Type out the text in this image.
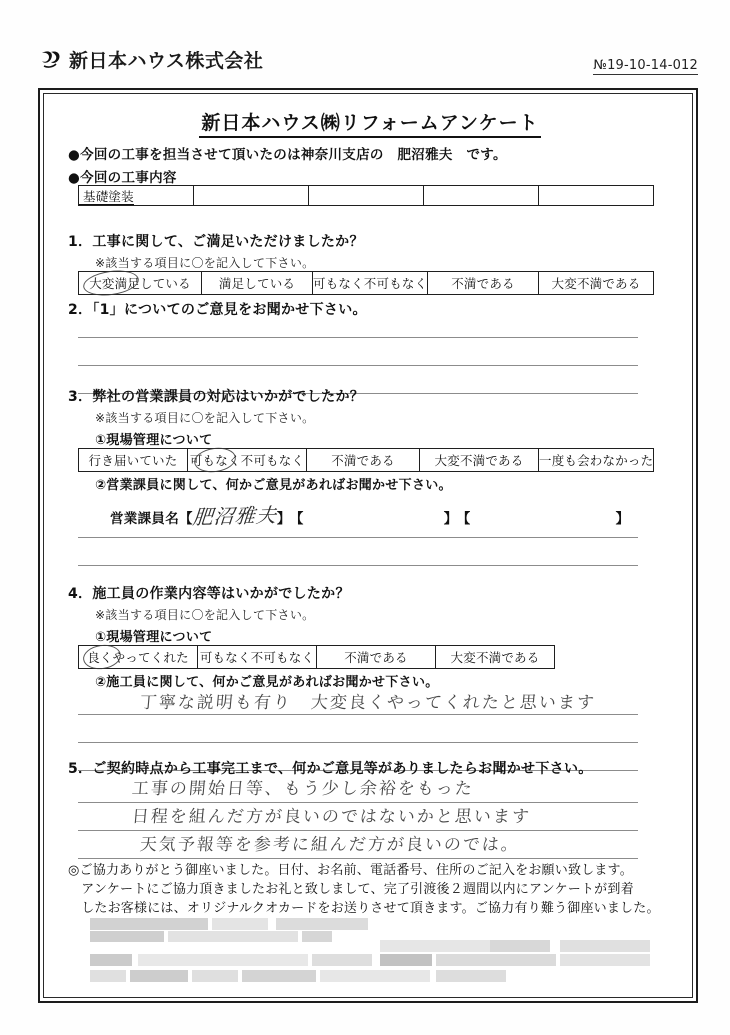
新日本ハウス株式会社	№19-10-14-012
新日本ハウス㈱リフォームアンケート
●今回の工事を担当させて頂いたのは神奈川支店の　肥沼雅夫　です。
●今回の工事内容
基礎塗装				
1．工事に関して、ご満足いただけましたか？
※該当する項目に〇を記入して下さい。
大変満足している	満足している	可もなく不可もなく	不満である	大変不満である
2．「1」についてのご意見をお聞かせ下さい。
3．弊社の営業課員の対応はいかがでしたか？
※該当する項目に〇を記入して下さい。
①現場管理について
行き届いていた	可もなく不可もなく	不満である	大変不満である	一度も会わなかった
②営業課員に関して、何かご意見があればお聞かせ下さい。
営業課員名【肥沼雅夫】 【	】 【	】
4．施工員の作業内容等はいかがでしたか？
※該当する項目に〇を記入して下さい。
①現場管理について
良くやってくれた	可もなく不可もなく	不満である	大変不満である
②施工員に関して、何かご意見があればお聞かせ下さい。
丁寧な説明も有り　大変良くやってくれたと思います
5．ご契約時点から工事完工まで、何かご意見等がありましたらお聞かせ下さい。
工事の開始日等、もう少し余裕をもった
日程を組んだ方が良いのではないかと思います
天気予報等を参考に組んだ方が良いのでは。
◎ご協力ありがとう御座いました。日付、お名前、電話番号、住所のご記入をお願い致します。
　アンケートにご協力頂きましたお礼と致しまして、完了引渡後２週間以内にアンケートが到着
　したお客様には、オリジナルクオカードをお送りさせて頂きます。ご協力有り難う御座いました。
